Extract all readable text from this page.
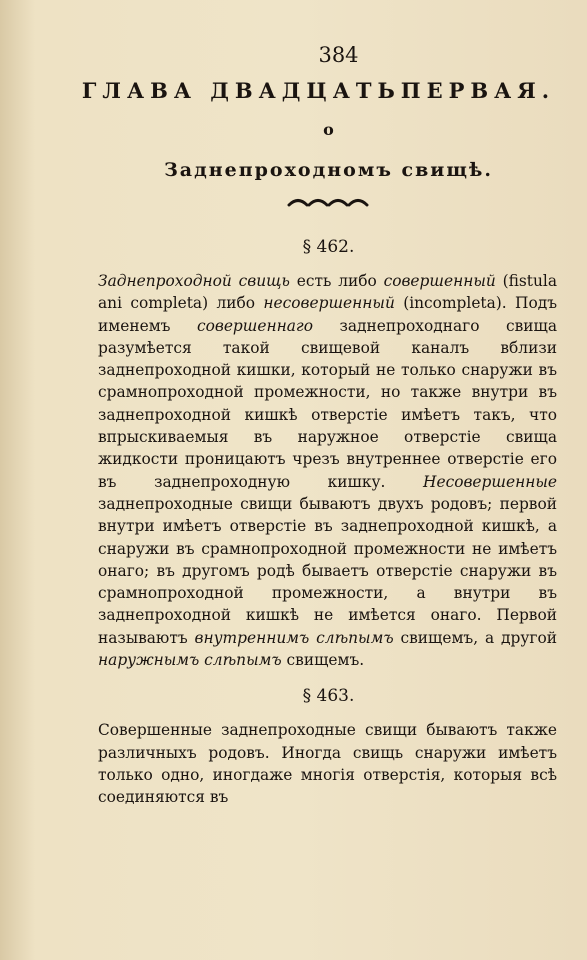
384
ГЛАВА ДВАДЦАТЬПЕРВАЯ.
о
Заднепроходномъ свищѣ.
§ 462.

Заднепроходной свищь есть либо совершенный (fistula ani completa) либо несовершенный (incompleta). Подъ именемъ совершеннаго заднепроходнаго свища разумѣется такой свищевой каналъ вблизи заднепроходной кишки, который не только снаружи въ срамнопроходной промежности, но также внутри въ заднепроходной кишкѣ отверстіе имѣетъ такъ, что впрыскиваемыя въ наружное отверстіе свища жидкости проницаютъ чрезъ внутреннее отверстіе его въ заднепроходную кишку. Несовершенные заднепроходные свищи бываютъ двухъ родовъ; первой внутри имѣетъ отверстіе въ заднепроходной кишкѣ, а снаружи въ срамнопроходной промежности не имѣетъ онаго; въ другомъ родѣ бываетъ отверстіе снаружи въ срамнопроходной промежности, а внутри въ заднепроходной кишкѣ не имѣется онаго. Первой называютъ внутреннимъ слѣпымъ свищемъ, а другой наружнымъ слѣпымъ свищемъ.

§ 463.

Совершенные заднепроходные свищи бываютъ также различныхъ родовъ. Иногда свищь снаружи имѣетъ только одно, иногдаже многія отверстія, которыя всѣ соединяются въ
